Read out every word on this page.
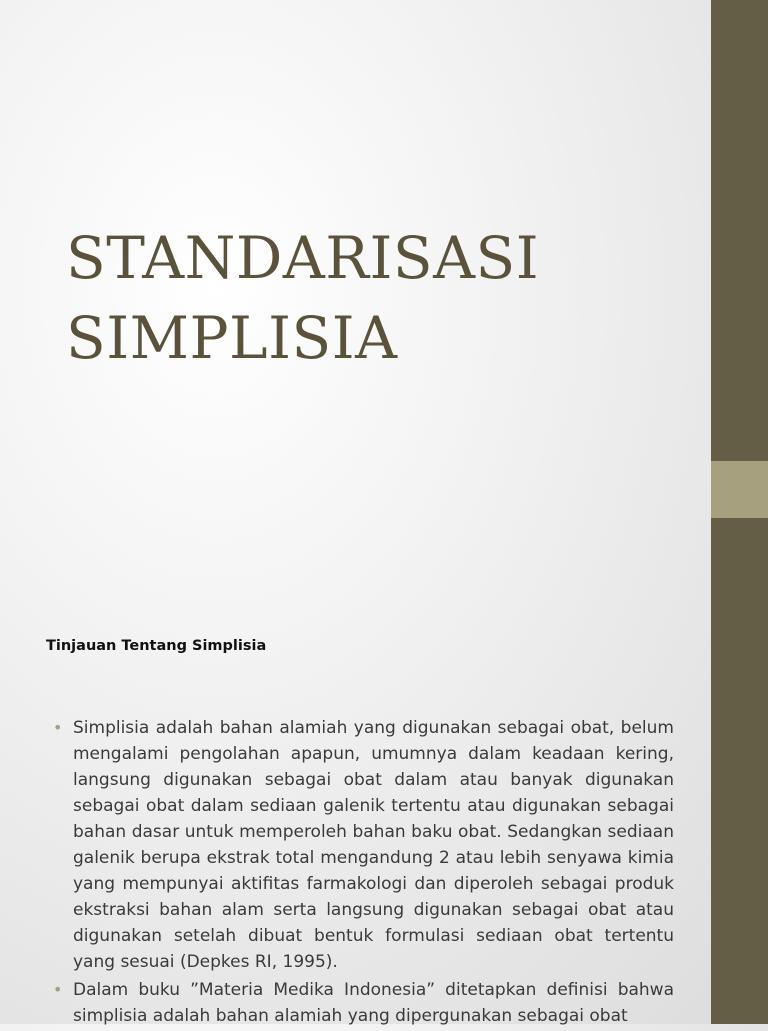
STANDARISASI
SIMPLISIA

Tinjauan Tentang Simplisia

• Simplisia adalah bahan alamiah yang digunakan sebagai obat, belum mengalami pengolahan apapun, umumnya dalam keadaan kering, langsung digunakan sebagai obat dalam atau banyak digunakan sebagai obat dalam sediaan galenik tertentu atau digunakan sebagai bahan dasar untuk memperoleh bahan baku obat. Sedangkan sediaan galenik berupa ekstrak total mengandung 2 atau lebih senyawa kimia yang mempunyai aktifitas farmakologi dan diperoleh sebagai produk ekstraksi bahan alam serta langsung digunakan sebagai obat atau digunakan setelah dibuat bentuk formulasi sediaan obat tertentu yang sesuai (Depkes RI, 1995).
• Dalam buku ”Materia Medika Indonesia” ditetapkan definisi bahwa simplisia adalah bahan alamiah yang dipergunakan sebagai obat
